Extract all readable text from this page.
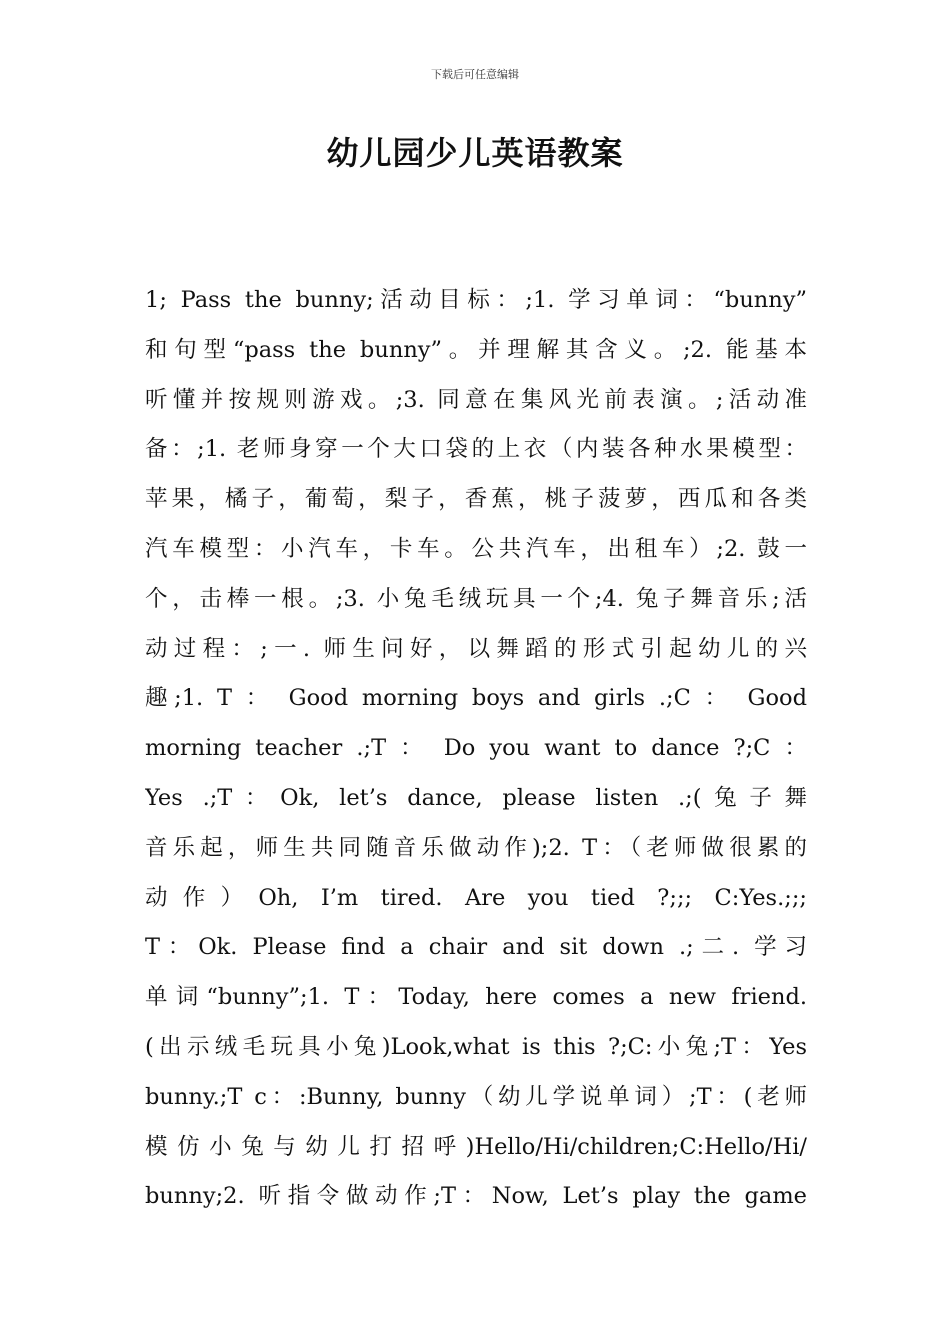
下载后可任意编辑
幼儿园少儿英语教案
1; Pass the bunny;活动目标：;1. 学习单词：“bunny”
和句型“pass the bunny”。并理解其含义。;2. 能基本
听懂并按规则游戏。;3. 同意在集风光前表演。;活动准
备：;1. 老师身穿一个大口袋的上衣（内装各种水果模型：
苹果，橘子，葡萄，梨子，香蕉，桃子菠萝，西瓜和各类
汽车模型：小汽车，卡车。公共汽车，出租车）;2. 鼓一
个，击棒一根。;3. 小兔毛绒玩具一个;4. 兔子舞音乐;活
动过程：;一. 师生问好，以舞蹈的形式引起幼儿的兴
趣;1. T ： Good morning boys and girls .;C ： Good
morning teacher .;T ： Do you want to dance ?;C ：
Yes .;T：Ok, let’s dance, please listen .;(兔子舞
音乐起，师生共同随音乐做动作);2. T：（老师做很累的
动作）Oh, I’m tired. Are you tied ?;;; C:Yes.;;;
T：Ok. Please find a chair and sit down .;二. 学习
单词“bunny”;1. T：Today, here comes a new friend.
(出示绒毛玩具小兔)Look,what is this ?;C:小兔;T：Yes
bunny.;T c：:Bunny, bunny（幼儿学说单词）;T：(老师
模仿小兔与幼儿打招呼)Hello/Hi/children;C:Hello/Hi/
bunny;2. 听指令做动作;T：Now, Let’s play the game
